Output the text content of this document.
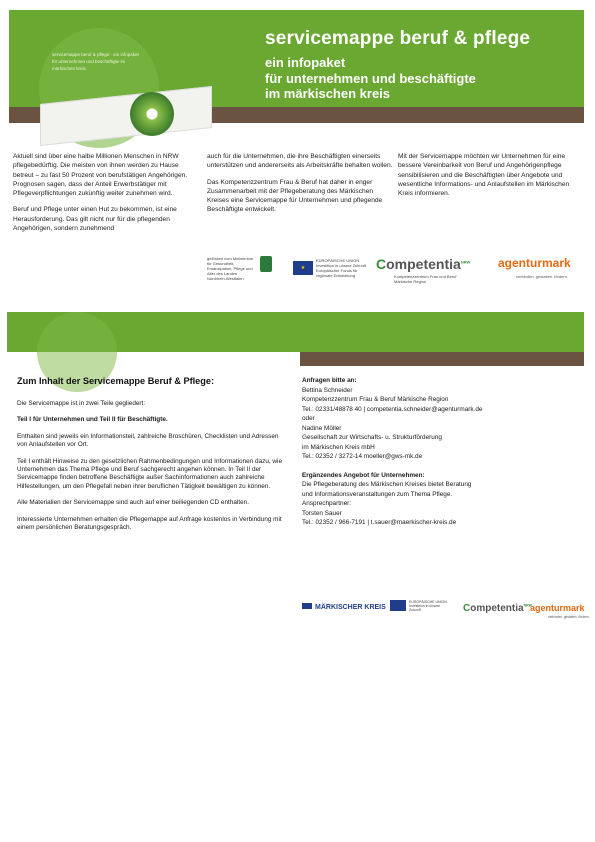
servicemappe beruf & pflege · ein infopaket für unternehmen und beschäftigte im märkischen kreis
servicemappe beruf & pflege
ein infopaket
für unternehmen und beschäftigte
im märkischen kreis

Aktuell sind über eine halbe Millionen Menschen in NRW pflegebedürftig. Die meisten von ihnen werden zu Hause betreut – zu fast 50 Prozent von berufstätigen Angehörigen. Prognosen sagen, dass der Anteil Erwerbstätiger mit Pflegeverpflichtungen zukünftig weiter zunehmen wird.

Beruf und Pflege unter einen Hut zu bekommen, ist eine Herausforderung. Das gilt nicht nur für die pflegenden Angehörigen, sondern zunehmend

auch für die Unternehmen, die ihre Beschäftigten einerseits unterstützen und andererseits als Arbeitskräfte behalten wollen.

Das Kompetenzzentrum Frau & Beruf hat daher in enger Zusammenarbeit mit der Pflegeberatung des Märkischen Kreises eine Servicemappe für Unternehmen und pflegende Beschäftigte entwickelt.

Mit der Servicemappe möchten wir Unternehmen für eine bessere Vereinbarkeit von Beruf und Angehörigenpflege sensibilisieren und die Beschäftigten über Angebote und wesentliche Informations- und Anlaufstellen im Märkischen Kreis informieren.

gefördert vom Ministerium für Gesundheit, Emanzipation, Pflege und Alter des Landes Nordrhein-Westfalen
★
EUROPÄISCHE UNION Investition in unsere Zukunft Europäischer Fonds für regionale Entwicklung
Competentia$^{NRW}$
Kompetenzzentrum Frau und Beruf Märkische Region
agenturmark
verbinden. gestalten. fördern.
Zum Inhalt der Servicemappe Beruf & Pflege:

Die Servicemappe ist in zwei Teile gegliedert:

Teil I für Unternehmen und Teil II für Beschäftigte.

Enthalten sind jeweils ein Informationsteil, zahlreiche Broschüren, Checklisten und Adressen von Anlaufstellen vor Ort.

Teil I enthält Hinweise zu den gesetzlichen Rahmenbedingungen und Informationen dazu, wie Unternehmen das Thema Pflege und Beruf sachgerecht angehen können. In Teil II der Servicemappe finden betroffene Beschäftigte außer Sachinformationen auch zahlreiche Hilfestellungen, um den Pflegefall neben ihrer beruflichen Tätigkeit bewältigen zu können.

Alle Materialien der Servicemappe sind auch auf einer beiliegenden CD enthalten.

Interessierte Unternehmen erhalten die Pflegemappe auf Anfrage kostenlos in Verbindung mit einem persönlichen Beratungsgespräch.

Anfragen bitte an:
Bettina Schneider
Kompetenzzentrum Frau & Beruf Märkische Region
Tel.: 02331/48878 40 | competentia.schneider@agenturmark.de
oder
Nadine Möller
Gesellschaft zur Wirtschafts- u. Strukturförderung
im Märkischen Kreis mbH
Tel.: 02352 / 3272-14 moeller@gws-mk.de
Ergänzendes Angebot für Unternehmen:
Die Pflegeberatung des Märkischen Kreises bietet Beratung
und Informationsveranstaltungen zum Thema Pflege.
Ansprechpartner:
Torsten Sauer
Tel.: 02352 / 966-7191 | t.sauer@maerkischer-kreis.de
MÄRKISCHER KREIS
EUROPÄISCHE UNION Investition in unsere Zukunft	Competentia$^{NRW}$
agenturmark
verbinden. gestalten. fördern.
